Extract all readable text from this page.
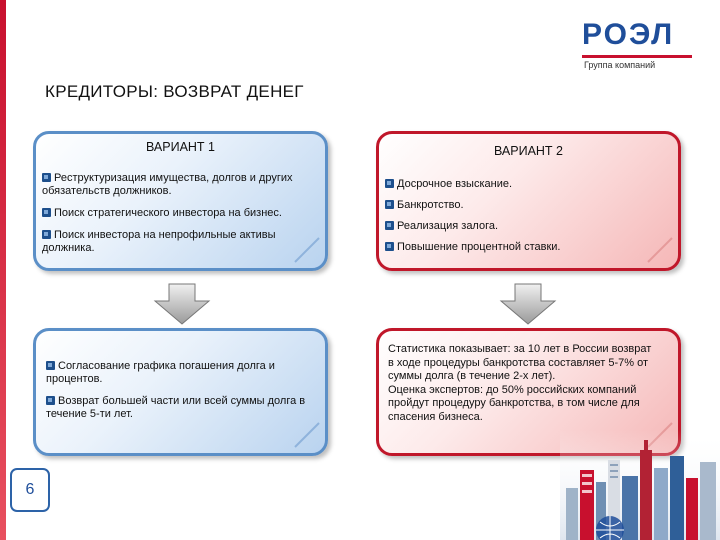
РОЭЛ
Группа компаний
КРЕДИТОРЫ: ВОЗВРАТ ДЕНЕГ
ВАРИАНТ 1
Реструктуризация имущества, долгов и других обязательств должников.
Поиск стратегического инвестора на бизнес.
Поиск инвестора на непрофильные активы должника.
ВАРИАНТ 2
Досрочное взыскание.
Банкротство.
Реализация залога.
Повышение процентной ставки.
Согласование графика погашения долга и процентов.
Возврат большей части или всей суммы долга в течение 5-ти лет.

Статистика показывает: за 10 лет в России возврат в ходе процедуры банкротства составляет 5-7% от суммы долга (в течение 2-х лет).

Оценка экспертов: до 50% российских компаний пройдут процедуру банкротства, в том числе для спасения бизнеса.

6
